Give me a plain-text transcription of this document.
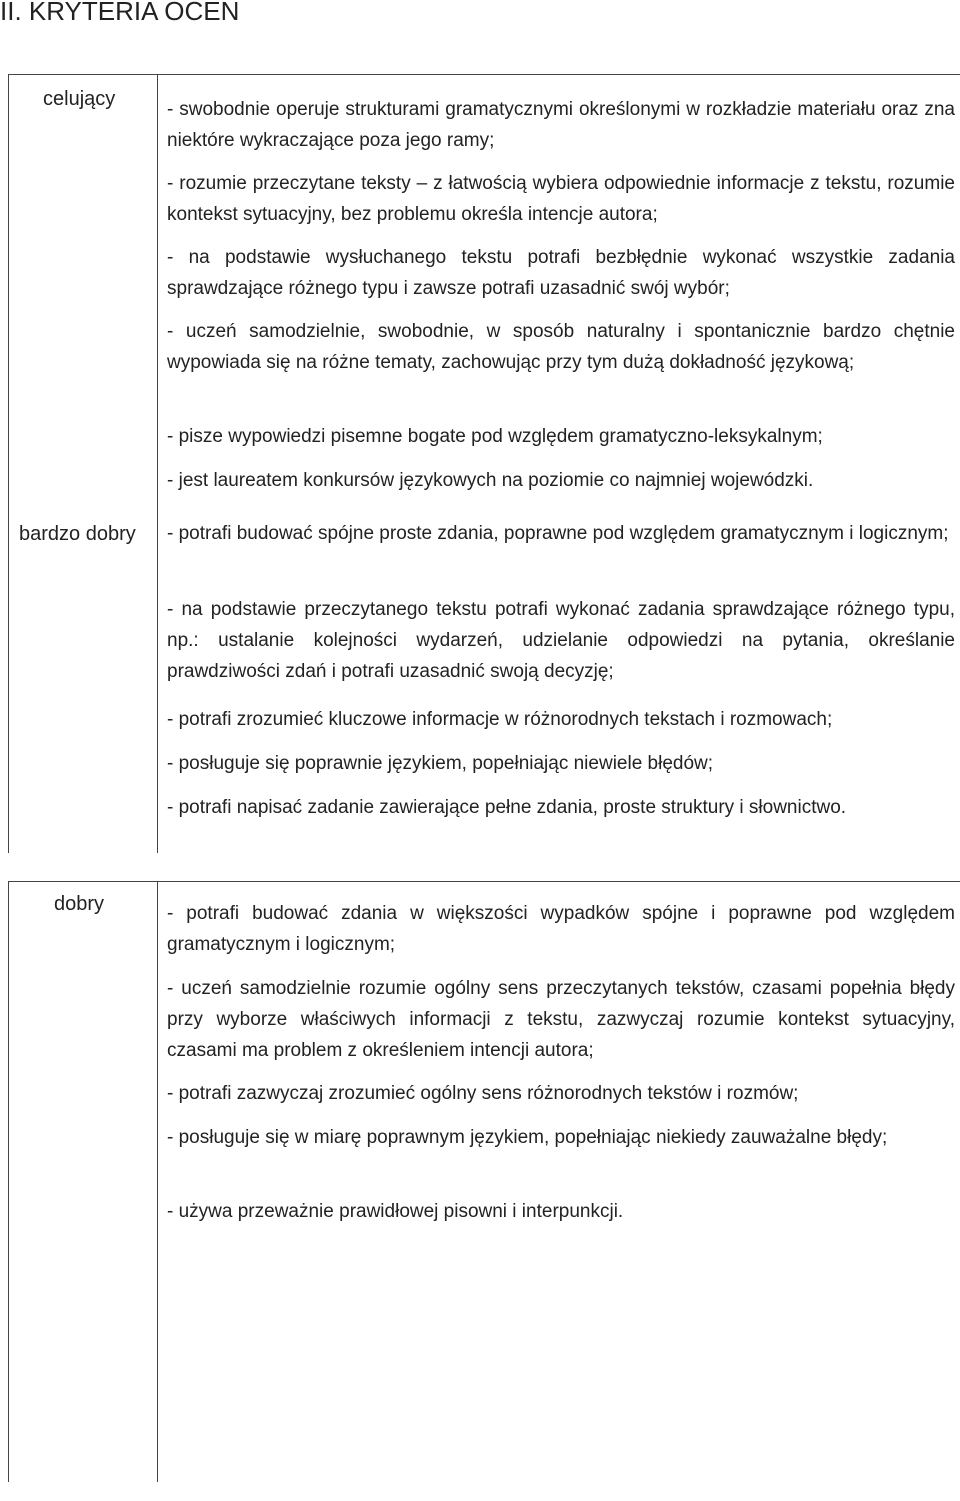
II. KRYTERIA OCEN
celujący	- swobodnie operuje strukturami gramatycznymi określonymi w rozkładzie materiału oraz zna niektóre wykraczające poza jego ramy;

- rozumie przeczytane teksty – z łatwością wybiera odpowiednie informacje z tekstu, rozumie kontekst sytuacyjny, bez problemu określa intencje autora;

- na podstawie wysłuchanego tekstu potrafi bezbłędnie wykonać wszystkie zadania sprawdzające różnego typu i zawsze potrafi uzasadnić swój wybór;

- uczeń samodzielnie, swobodnie, w sposób naturalny i spontanicznie bardzo chętnie wypowiada się na różne tematy, zachowując przy tym dużą dokładność językową;

- pisze wypowiedzi pisemne bogate pod względem gramatyczno-leksykalnym;

- jest laureatem konkursów językowych na poziomie co najmniej wojewódzki.

bardzo dobry - potrafi budować spójne proste zdania, poprawne pod względem gramatycznym i logicznym;

- na podstawie przeczytanego tekstu potrafi wykonać zadania sprawdzające różnego typu, np.: ustalanie kolejności wydarzeń, udzielanie odpowiedzi na pytania, określanie prawdziwości zdań i potrafi uzasadnić swoją decyzję;

- potrafi zrozumieć kluczowe informacje w różnorodnych tekstach i rozmowach;

- posługuje się poprawnie językiem, popełniając niewiele błędów;

- potrafi napisać zadanie zawierające pełne zdania, proste struktury i słownictwo.

dobry	- potrafi budować zdania w większości wypadków spójne i poprawne pod względem gramatycznym i logicznym;

- uczeń samodzielnie rozumie ogólny sens przeczytanych tekstów, czasami popełnia błędy przy wyborze właściwych informacji z tekstu, zazwyczaj rozumie kontekst sytuacyjny, czasami ma problem z określeniem intencji autora;

- potrafi zazwyczaj zrozumieć ogólny sens różnorodnych tekstów i rozmów;

- posługuje się w miarę poprawnym językiem, popełniając niekiedy zauważalne błędy;

- używa przeważnie prawidłowej pisowni i interpunkcji.
